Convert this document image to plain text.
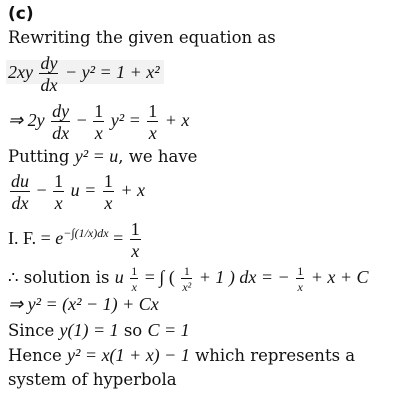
(c)
Rewriting the given equation as
$2xy \frac{dy}{dx} - y^2 = 1 + x^2$
⇒ $2y \frac{dy}{dx} - \frac{1}{x} y^2 = \frac{1}{x} + x$
Putting y² = u, we have
$\frac{du}{dx} - \frac{1}{x}$ $u = \frac{1}{x} + x$
I. F. = $e^{-\int(1/x)dx} = \frac{1}{x}$
∴ solution is u $\frac{1}{x}$ = ∫ ( $\frac{1}{\text{x²}} + 1$ ) dx = − $\frac{1}{x} + x + C$
⇒ y² = (x² − 1) + Cx
Since y(1) = 1 so C = 1
Hence y² = x(1 + x) − 1 which represents a
system of hyperbola
